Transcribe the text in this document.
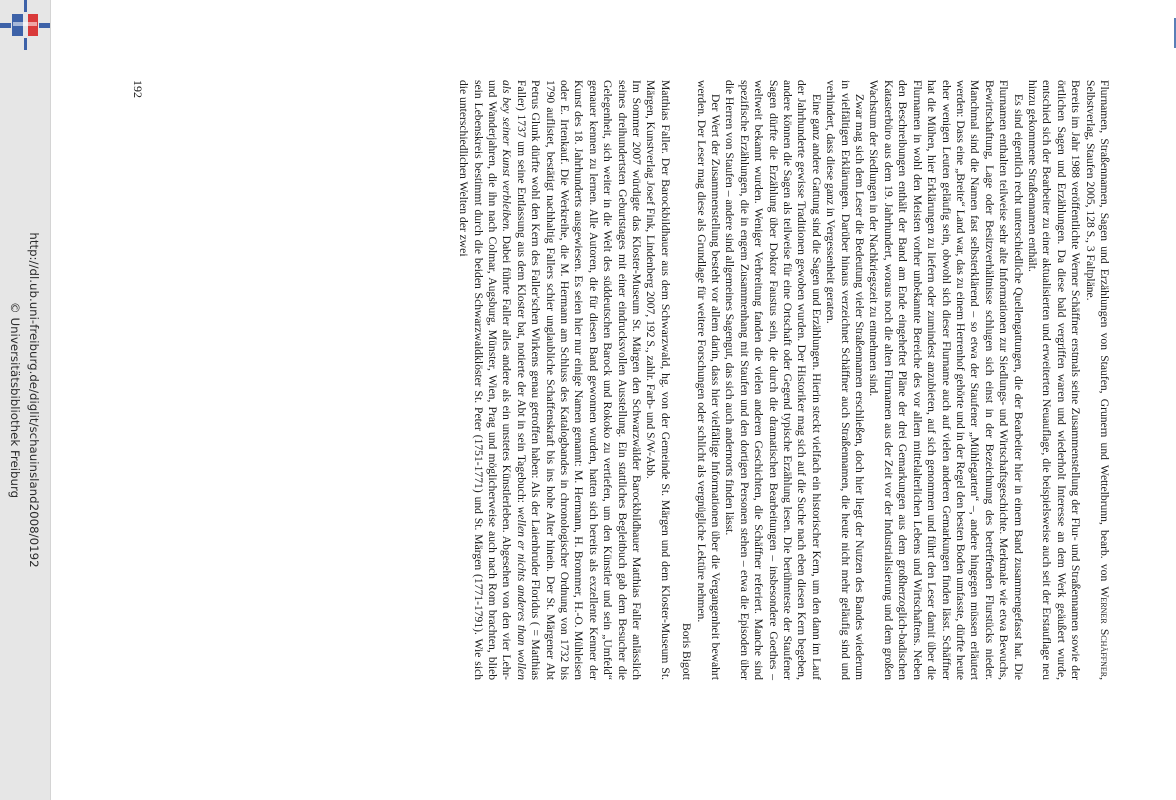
http://dl.ub.uni-freiburg.de/diglit/schauinsland2008/0192
© Universitätsbibliothek Freiburg	Flurnamen, Straßennamen, Sagen und Erzählungen von Staufen, Grunern und Wettelbrunn, bearb. von Werner Schäffner, Selbstverlag, Staufen 2005, 128 S., 3 Faltpläne.

Bereits im Jahr 1988 veröffentlichte Werner Schäffner erstmals seine Zusammenstellung der Flur- und Straßennamen sowie der örtlichen Sagen und Erzählungen. Da diese bald vergriffen waren und wiederholt Interesse an dem Werk geäußert wurde, entschied sich der Bearbeiter zu einer aktualisierten und erweiterten Neuauflage, die beispielsweise auch seit der Erstauflage neu hinzu gekommene Straßennamen enthält.

Es sind eigentlich recht unterschiedliche Quellengattungen, die der Bearbeiter hier in einem Band zusammengefasst hat. Die Flurnamen enthalten teilweise sehr alte Informationen zur Siedlungs- und Wirtschaftsgeschichte. Merkmale wie etwa Bewuchs, Bewirtschaftung, Lage oder Besitzverhältnisse schlugen sich einst in der Bezeichnung des betreffenden Flurstücks nieder. Manchmal sind die Namen fast selbsterklärend – so etwa der Staufener „Mühlegarten“ –, andere hingegen müssen erläutert werden: Dass eine „Breite“ Land war, das zu einem Herrenhof gehörte und in der Regel den besten Boden umfasste, dürfte heute eher wenigen Leuten geläufig sein, obwohl sich dieser Flurname auch auf vielen anderen Gemarkungen finden lässt. Schäffner hat die Mühen, hier Erklärungen zu liefern oder zumindest anzubieten, auf sich genommen und führt den Leser damit über die Flurnamen in wohl den Meisten vorher unbekannte Bereiche des vor allem mittelalterlichen Lebens und Wirtschaftens. Neben den Beschreibungen enthält der Band am Ende eingeheftet Pläne der drei Gemarkungen aus dem großherzoglich-badischen Katasterbüro aus dem 19. Jahrhundert, woraus noch die alten Flurnamen aus der Zeit vor der Industrialisierung und dem großen Wachstum der Siedlungen in der Nachkriegszeit zu entnehmen sind.

Zwar mag sich dem Leser die Bedeutung vieler Straßennamen erschließen, doch hier liegt der Nutzen des Bandes wiederum in vielfältigen Erklärungen. Darüber hinaus verzeichnet Schäffner auch Straßennamen, die heute nicht mehr geläufig sind und verhindert, dass diese ganz in Vergessenheit geraten.

Eine ganz andere Gattung sind die Sagen und Erzählungen. Hierin steckt vielfach ein historischer Kern, um den dann im Lauf der Jahrhunderte gewisse Traditionen gewoben wurden. Der Historiker mag sich auf die Suche nach eben diesen Kern begeben, andere können die Sagen als teilweise für eine Ortschaft oder Gegend typische Erzählung lesen. Die berühmteste der Staufener Sagen dürfte die Erzählung über Doktor Faustus sein, die durch die dramatischen Bearbeitungen – insbesondere Goethes – weltweit bekannt wurden. Weniger Verbreitung fanden die vielen anderen Geschichten, die Schäffner referiert. Manche sind spezifische Erzählungen, die in engem Zusammenhang mit Staufen und den dortigen Personen stehen – etwa die Episoden über die Herren von Staufen – andere sind allgemeines Sagengut, das sich auch andernorts finden lässt.

Der Wert der Zusammenstellung besteht vor allem darin, dass hier vielfältige Informationen über die Vergangenheit bewahrt werden. Der Leser mag diese als Grundlage für weitere Forschungen oder schlicht als vergnügliche Lektüre nehmen.

Boris Bigott

Matthias Faller. Der Barockbildhauer aus dem Schwarzwald, hg. von der Gemeinde St. Märgen und dem Kloster-Museum St. Märgen, Kunstverlag Josef Fink, Lindenberg 2007, 192 S., zahlr. Farb- und S/W-Abb.

Im Sommer 2007 würdigte das Kloster-Museum St. Märgen den Schwarzwälder Barockbildhauer Matthias Faller anlässlich seines dreihundertsten Geburtstages mit einer eindrucksvollen Ausstellung. Ein stattliches Begleitbuch gab dem Besucher die Gelegenheit, sich weiter in die Welt des süddeutschen Barock und Rokoko zu vertiefen, um den Künstler und sein „Umfeld“ genauer kennen zu lernen. Alle Autoren, die für diesen Band gewonnen wurden, hatten sich bereits als exzellente Kenner der Kunst des 18. Jahrhunderts ausgewiesen. Es seien hier nur einige Namen genannt: M. Hermann, H. Brommer, H.-O. Mühleisen oder E. Irtenkauf. Die Werkreihe, die M. Hermann am Schluss des Katalogbandes in chronologischer Ordnung von 1732 bis 1790 auflistet, bestätigt nachhaltig Fallers schier unglaubliche Schaffenskraft bis ins hohe Alter hinein. Der St. Märgener Abt Petrus Glunk dürfte wohl den Kern des Faller'schen Wirkens genau getroffen haben: Als der Laienbruder Floridus ( = Matthias Faller) 1737 um seine Entlassung aus dem Kloster bat, notierte der Abt in sein Tagebuch: wellen er nichts anderes than wollen als bey seiner Kunst verbleiben. Dabei führte Faller alles andere als ein unstetes Künstlerleben. Abgesehen von den vier Lehr-und Wanderjahren, die ihn nach Colmar, Augsburg, Münster, Wien, Prag und möglicherweise auch nach Rom brachten, blieb sein Lebenskreis bestimmt durch die beiden Schwarzwaldklöster St. Peter (1751-1771) und St. Märgen (1771-1791). Wie sich die unterschiedlichen Welten der zwei

192
